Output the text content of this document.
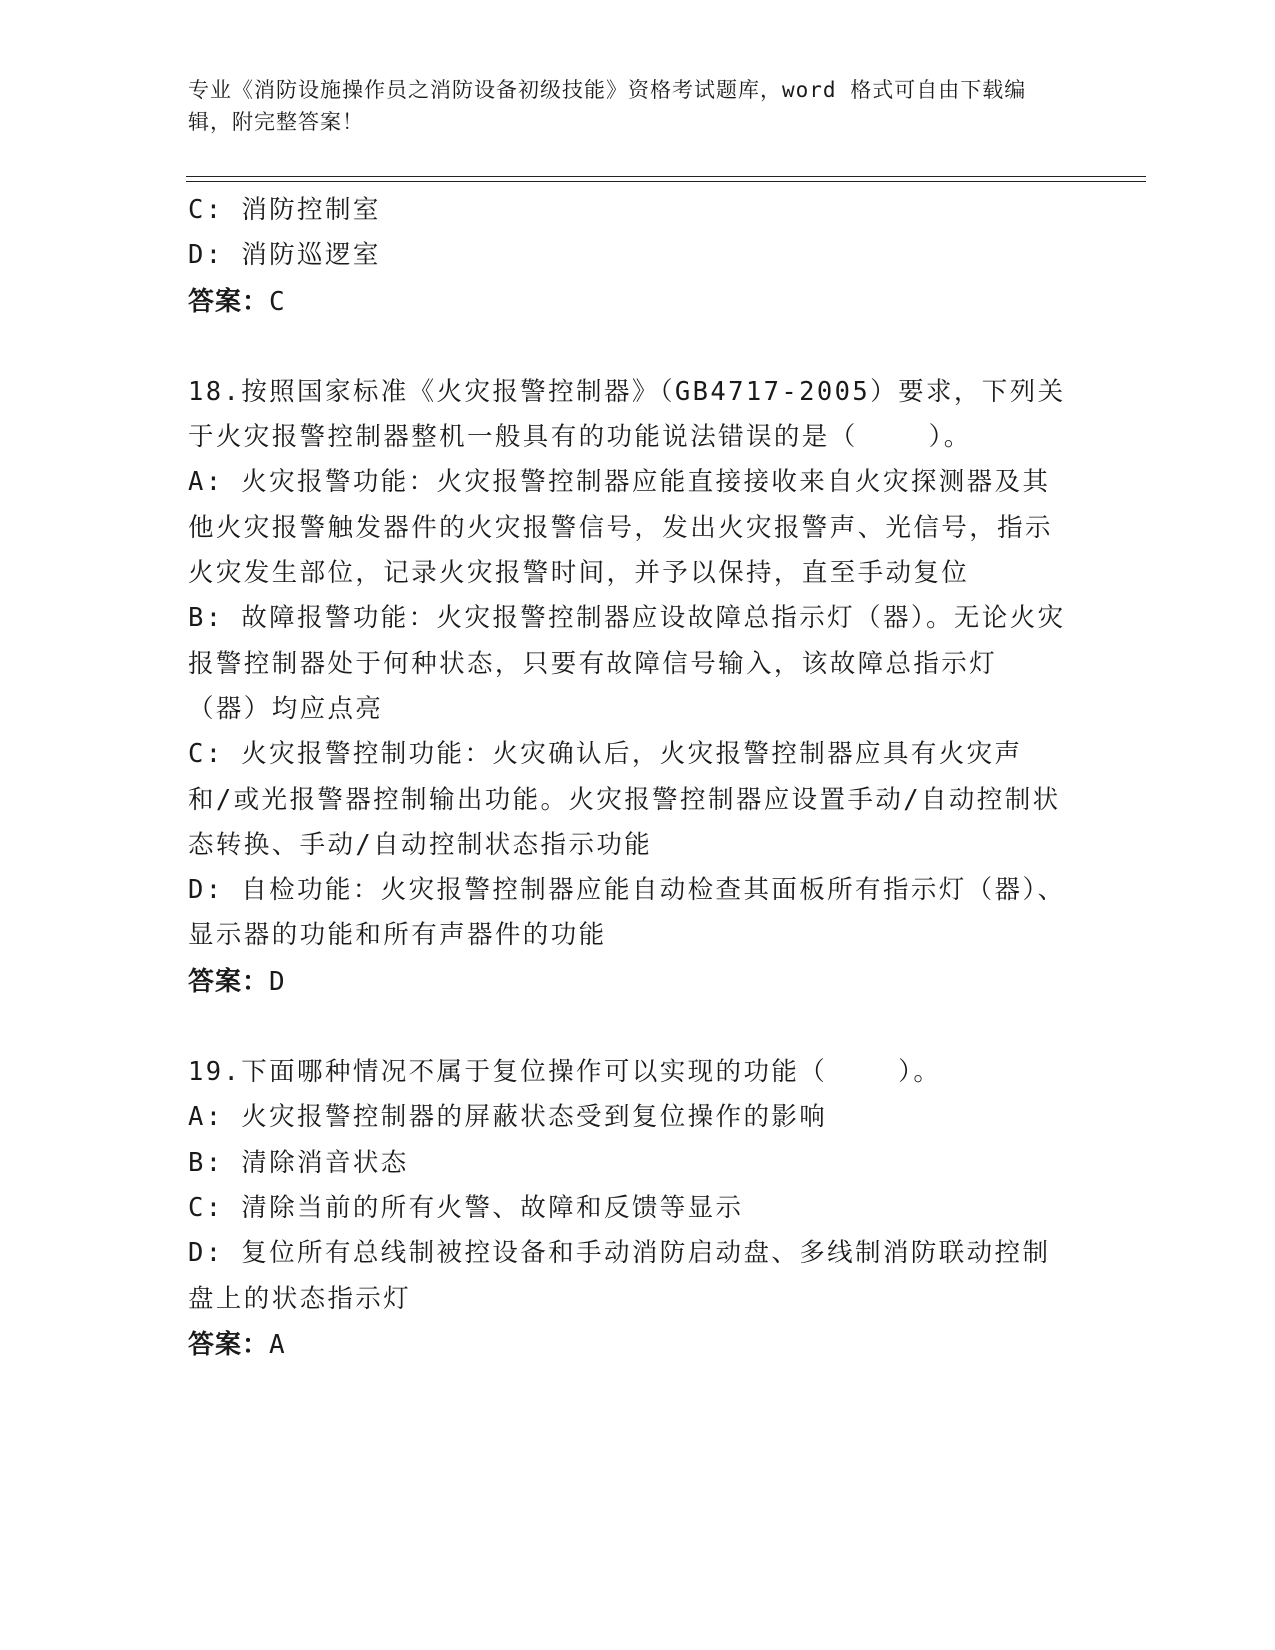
专业《消防设施操作员之消防设备初级技能》资格考试题库，word 格式可自由下载编辑，附完整答案！
C: 消防控制室
D: 消防巡逻室
答案：C
18.按照国家标准《火灾报警控制器》（GB4717-2005）要求，下列关于火灾报警控制器整机一般具有的功能说法错误的是（    ）。
A: 火灾报警功能：火灾报警控制器应能直接接收来自火灾探测器及其他火灾报警触发器件的火灾报警信号，发出火灾报警声、光信号，指示火灾发生部位，记录火灾报警时间，并予以保持，直至手动复位
B: 故障报警功能：火灾报警控制器应设故障总指示灯（器）。无论火灾报警控制器处于何种状态，只要有故障信号输入，该故障总指示灯（器）均应点亮
C: 火灾报警控制功能：火灾确认后，火灾报警控制器应具有火灾声和/或光报警器控制输出功能。火灾报警控制器应设置手动/自动控制状态转换、手动/自动控制状态指示功能
D: 自检功能：火灾报警控制器应能自动检查其面板所有指示灯（器）、显示器的功能和所有声器件的功能
答案：D
19.下面哪种情况不属于复位操作可以实现的功能（    ）。
A: 火灾报警控制器的屏蔽状态受到复位操作的影响
B: 清除消音状态
C: 清除当前的所有火警、故障和反馈等显示
D: 复位所有总线制被控设备和手动消防启动盘、多线制消防联动控制盘上的状态指示灯
答案：A
